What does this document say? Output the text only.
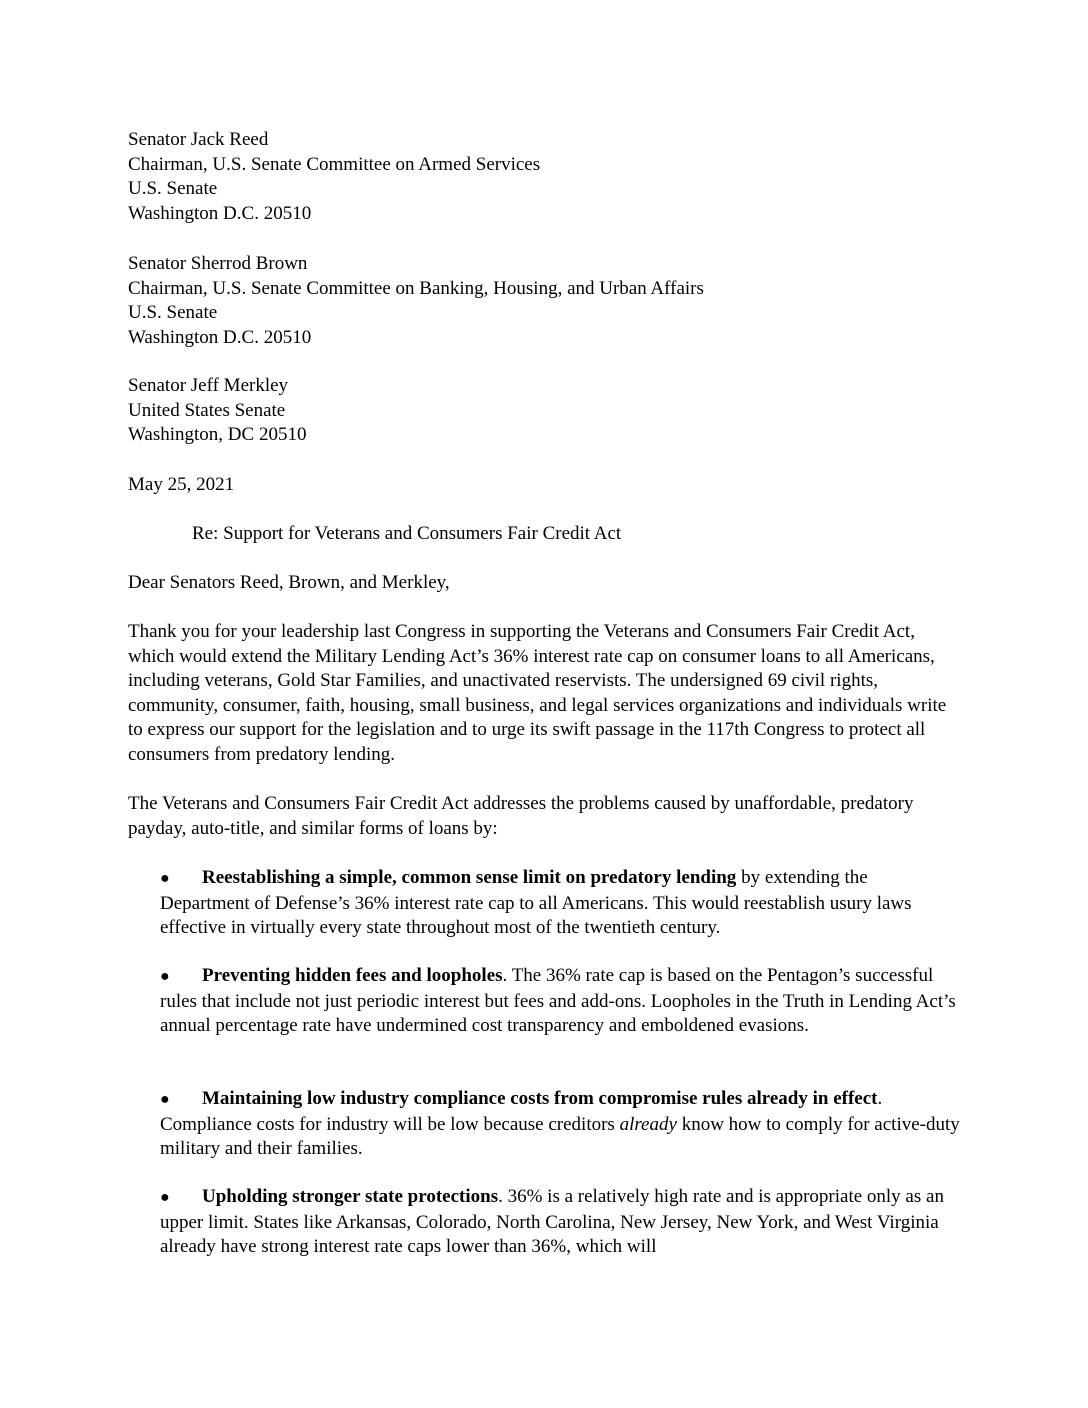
Senator Jack Reed
Chairman, U.S. Senate Committee on Armed Services
U.S. Senate
Washington D.C. 20510
Senator Sherrod Brown
Chairman, U.S. Senate Committee on Banking, Housing, and Urban Affairs
U.S. Senate
Washington D.C. 20510
Senator Jeff Merkley
United States Senate
Washington, DC 20510
May 25, 2021
Re: Support for Veterans and Consumers Fair Credit Act
Dear Senators Reed, Brown, and Merkley,

Thank you for your leadership last Congress in supporting the Veterans and Consumers Fair Credit Act, which would extend the Military Lending Act’s 36% interest rate cap on consumer loans to all Americans, including veterans, Gold Star Families, and unactivated reservists. The undersigned 69 civil rights, community, consumer, faith, housing, small business, and legal services organizations and individuals write to express our support for the legislation and to urge its swift passage in the 117th Congress to protect all consumers from predatory lending.

The Veterans and Consumers Fair Credit Act addresses the problems caused by unaffordable, predatory payday, auto-title, and similar forms of loans by:

● Reestablishing a simple, common sense limit on predatory lending by extending the Department of Defense’s 36% interest rate cap to all Americans. This would reestablish usury laws effective in virtually every state throughout most of the twentieth century.

● Preventing hidden fees and loopholes. The 36% rate cap is based on the Pentagon’s successful rules that include not just periodic interest but fees and add-ons. Loopholes in the Truth in Lending Act’s annual percentage rate have undermined cost transparency and emboldened evasions.

● Maintaining low industry compliance costs from compromise rules already in effect. Compliance costs for industry will be low because creditors already know how to comply for active-duty military and their families.

● Upholding stronger state protections. 36% is a relatively high rate and is appropriate only as an upper limit. States like Arkansas, Colorado, North Carolina, New Jersey, New York, and West Virginia already have strong interest rate caps lower than 36%, which will
